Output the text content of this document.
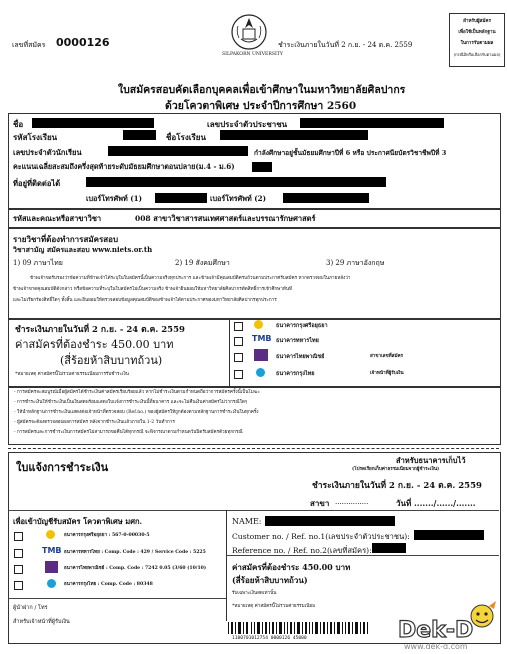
เลขที่สมัคร 0000126
SILPAKORN UNIVERSITY
ชำระเงินภายในวันที่ 2 ก.ย. - 24 ต.ค. 2559
สำหรับผู้สมัคร
เพื่อใช้เป็นหลักฐาน
ในการรับตามผล
(กรณีมีหรือเลือกรับตามผล)
ใบสมัครสอบคัดเลือกบุคคลเพื่อเข้าศึกษาในมหาวิทยาลัยศิลปากร
ด้วยโควตาพิเศษ ประจำปีการศึกษา 2560
ชื่อ	เลขประจำตัวประชาชน
รหัสโรงเรียน	ชื่อโรงเรียน
เลขประจำตัวนักเรียน	กำลังศึกษาอยู่ชั้นมัธยมศึกษาปีที่ 6 หรือ ประกาศนียบัตรวิชาชีพปีที่ 3
คะแนนเฉลี่ยสะสมถึงครึ่งสุดท้ายระดับมัธยมศึกษาตอนปลาย(ม.4 - ม.6)
ที่อยู่ที่ติดต่อได้
เบอร์โทรศัพท์ (1)	เบอร์โทรศัพท์ (2)
รหัสและคณะหรือสาขาวิชา	008 สาขาวิชาสารสนเทศศาสตร์และบรรณารักษศาสตร์
รายวิชาที่ต้องทำการสมัครสอบ
วิชาสามัญ สมัครและสอบ www.niets.or.th
1) 09 ภาษาไทย	2) 19 สังคมศึกษา	3) 29 ภาษาอังกฤษ
ข้าพเจ้าขอรับรองว่าข้อความที่ข้าพเจ้าได้ระบุในใบสมัครนี้เป็นความจริงทุกประการ และข้าพเจ้ามีคุณสมบัติครบถ้วนตามประกาศรับสมัคร หากตรวจพบในภายหลังว่า
ข้าพเจ้าขาดคุณสมบัติดังกล่าว หรือข้อความที่ระบุในใบสมัครไม่เป็นความจริง ข้าพเจ้ายินยอมให้มหาวิทยาลัยศิลปากรตัดสิทธิ์การเข้าศึกษาทันที
และไม่เรียกร้องสิทธิ์ใดๆ ทั้งสิ้น และยินยอมให้ตรวจสอบข้อมูลคุณสมบัติของข้าพเจ้าได้ตามประกาศของมหาวิทยาลัยศิลปากรทุกประการ
ชำระเงินภายในวันที่ 2 ก.ย. - 24 ต.ค. 2559
ค่าสมัครที่ต้องชำระ 450.00 บาท
(สี่ร้อยห้าสิบบาทถ้วน)
*หมายเหตุ ค่าสมัครนี้ไม่รวมค่าธรรมเนียมการรับชำระเงิน
ธนาคารกรุงศรีอยุธยา
TMB ธนาคารทหารไทย
ธนาคารไทยพาณิชย์
ธนาคารกรุงไทย
สาขาเลขที่สมัคร
เจ้าหน้าที่ผู้รับเงิน
- การสมัครจะสมบูรณ์เมื่อผู้สมัครได้ชำระเงินค่าสมัครเรียบร้อยแล้ว หากไม่ชำระเงินตามกำหนดถือว่าการสมัครครั้งนี้เป็นโมฆะ
- การชำระเงินให้ชำระเงินเป็นเงินสดพร้อมแสดงใบแจ้งการชำระเงินนี้ที่ธนาคาร และจะไม่คืนเงินค่าสมัครไม่ว่ากรณีใดๆ
- ให้นำหลักฐานการชำระเงินแสดงต่อเจ้าหน้าที่ตรวจสอบ (Ref.no.) ของผู้สมัครให้ถูกต้องตามหลักฐานการชำระเงินในทุกครั้ง
- ผู้สมัครจะต้องตรวจสอบผลการสมัคร หลังจากชำระเงินแล้วภายใน 1-2 วันทำการ
- การสมัครและการชำระเงินการสมัครไม่สามารถขอคืนได้ทุกกรณี จะพิจารณาตามกำหนดวันปิดรับสมัครด้วยทุกกรณี
สำหรับธนาคารเก็บไว้
(โปรดเรียกเก็บค่าธรรมเนียมจากผู้ชำระเงิน)
ใบแจ้งการชำระเงิน
ชำระเงินภายในวันที่ 2 ก.ย. - 24 ต.ค. 2559
สาขา ...............	วันที่ ......./....../.......
เพื่อเข้าบัญชีรับสมัคร โควตาพิเศษ มศก.
ธนาคารกรุงศรีอยุธยา : 567-0-00030-5
TMB ธนาคารทหารไทย : Comp. Code : 429 / Service Code : 5225
ธนาคารไทยพาณิชย์ : Comp. Code : 7242 0.05 (3/60 (10/10)
ธนาคารกรุงไทย : Comp. Code : 80348
ผู้นำฝาก / โทร
สำหรับเจ้าหน้าที่ผู้รับเงิน
NAME:
Customer no. / Ref. no.1(เลขประจำตัวประชาชน):
Reference no. / Ref. no.2(เลขที่สมัคร):
ค่าสมัครที่ต้องชำระ 450.00 บาท
(สี่ร้อยห้าสิบบาทถ้วน)
รับเฉพาะเงินสดเท่านั้น
*หมายเหตุ ค่าสมัครนี้ไม่รวมค่าธรรมเนียม
1100701012754 0000126 45000	Dek-D
www.dek-d.com
